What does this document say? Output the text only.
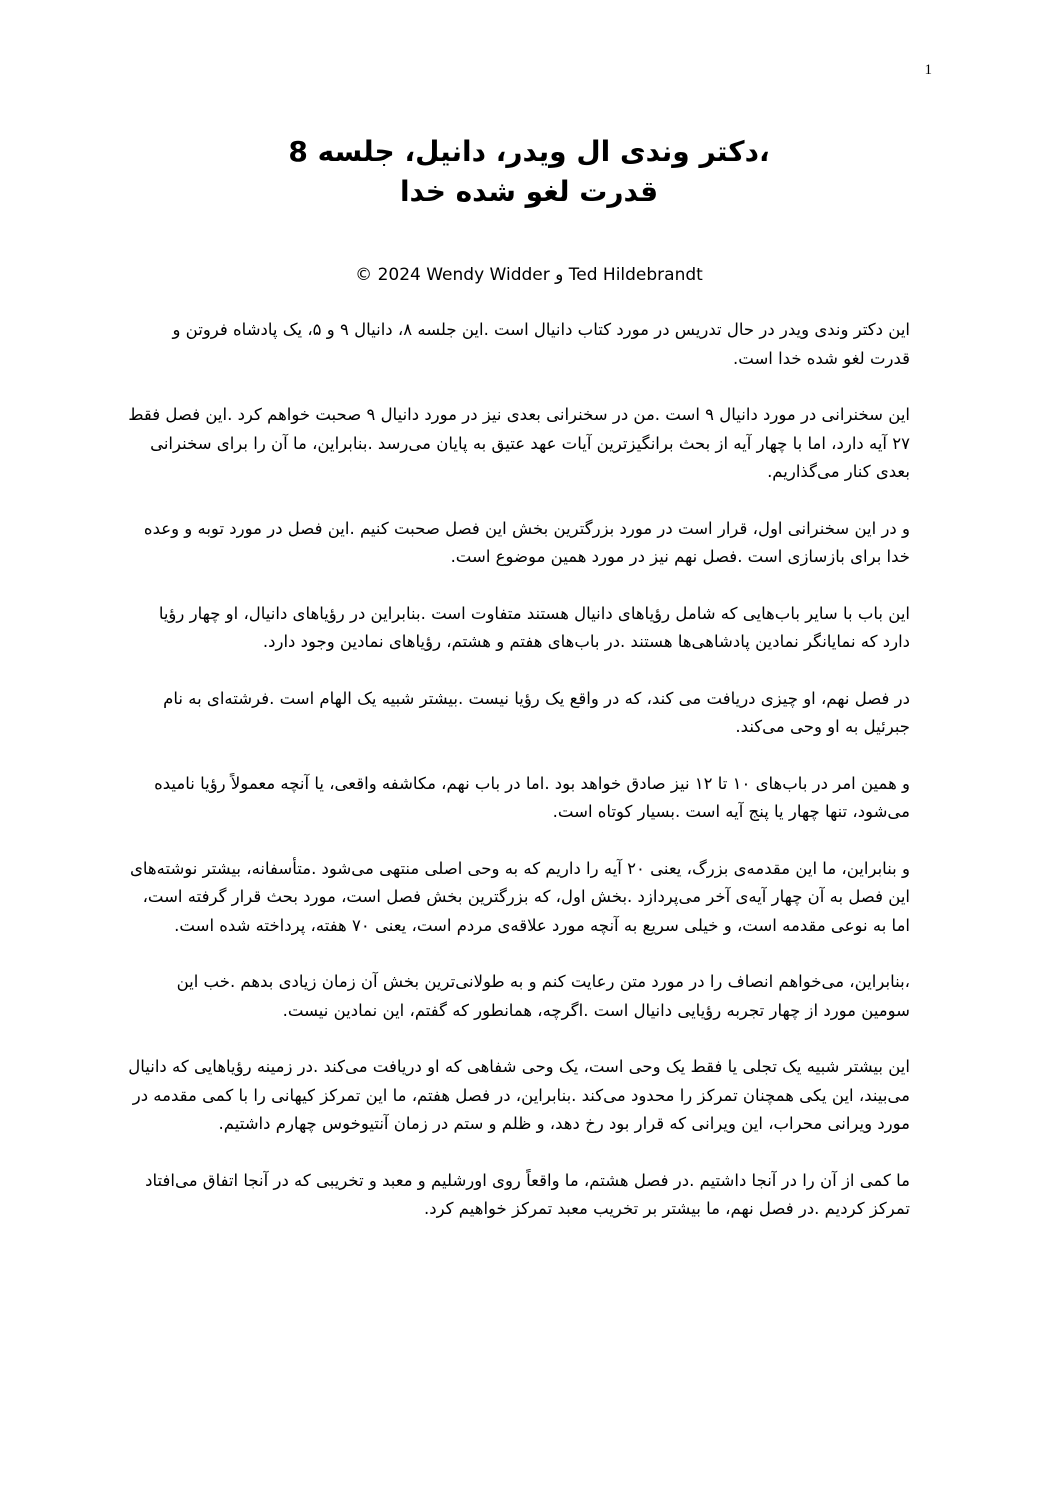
1
،دکتر وندی ال ویدر، دانیل، جلسه 8
قدرت لغو شده خدا
© 2024 Wendy Widder و Ted Hildebrandt

این دکتر وندی ویدر در حال تدریس در مورد کتاب دانیال است .این جلسه ۸، دانیال ۹ و ۵، یک پادشاه فروتن و قدرت لغو شده خدا است.

این سخنرانی در مورد دانیال ۹ است .من در سخنرانی بعدی نیز در مورد دانیال ۹ صحبت خواهم کرد .این فصل فقط ۲۷ آیه دارد، اما با چهار آیه از بحث برانگیزترین آیات عهد عتیق به پایان می‌رسد .بنابراین، ما آن را برای سخنرانی بعدی کنار می‌گذاریم.

و در این سخنرانی اول، قرار است در مورد بزرگترین بخش این فصل صحبت کنیم .این فصل در مورد توبه و وعده خدا برای بازسازی است .فصل نهم نیز در مورد همین موضوع است.

این باب با سایر باب‌هایی که شامل رؤیاهای دانیال هستند متفاوت است .بنابراین در رؤیاهای دانیال، او چهار رؤیا دارد که نمایانگر نمادین پادشاهی‌ها هستند .در باب‌های هفتم و هشتم، رؤیاهای نمادین وجود دارد.

در فصل نهم، او چیزی دریافت می کند، که در واقع یک رؤیا نیست .بیشتر شبیه یک الهام است .فرشته‌ای به نام جبرئیل به او وحی می‌کند.

و همین امر در باب‌های ۱۰ تا ۱۲ نیز صادق خواهد بود .اما در باب نهم، مکاشفه واقعی، یا آنچه معمولاً رؤیا نامیده می‌شود، تنها چهار یا پنج آیه است .بسیار کوتاه است.

و بنابراین، ما این مقدمه‌ی بزرگ، یعنی ۲۰ آیه را داریم که به وحی اصلی منتهی می‌شود .متأسفانه، بیشتر نوشته‌های این فصل به آن چهار آیه‌ی آخر می‌پردازد .بخش اول، که بزرگترین بخش فصل است، مورد بحث قرار گرفته است، اما به نوعی مقدمه است، و خیلی سریع به آنچه مورد علاقه‌ی مردم است، یعنی ۷۰ هفته، پرداخته شده است.

،بنابراین، می‌خواهم انصاف را در مورد متن رعایت کنم و به طولانی‌ترین بخش آن زمان زیادی بدهم .خب این سومین مورد از چهار تجربه رؤیایی دانیال است .اگرچه، همانطور که گفتم، این نمادین نیست.

این بیشتر شبیه یک تجلی یا فقط یک وحی است، یک وحی شفاهی که او دریافت می‌کند .در زمینه رؤیاهایی که دانیال می‌بیند، این یکی همچنان تمرکز را محدود می‌کند .بنابراین، در فصل هفتم، ما این تمرکز کیهانی را با کمی مقدمه در مورد ویرانی محراب، این ویرانی که قرار بود رخ دهد، و ظلم و ستم در زمان آنتیوخوس چهارم داشتیم.

ما کمی از آن را در آنجا داشتیم .در فصل هشتم، ما واقعاً روی اورشلیم و معبد و تخریبی که در آنجا اتفاق می‌افتاد تمرکز کردیم .در فصل نهم، ما بیشتر بر تخریب معبد تمرکز خواهیم کرد.
